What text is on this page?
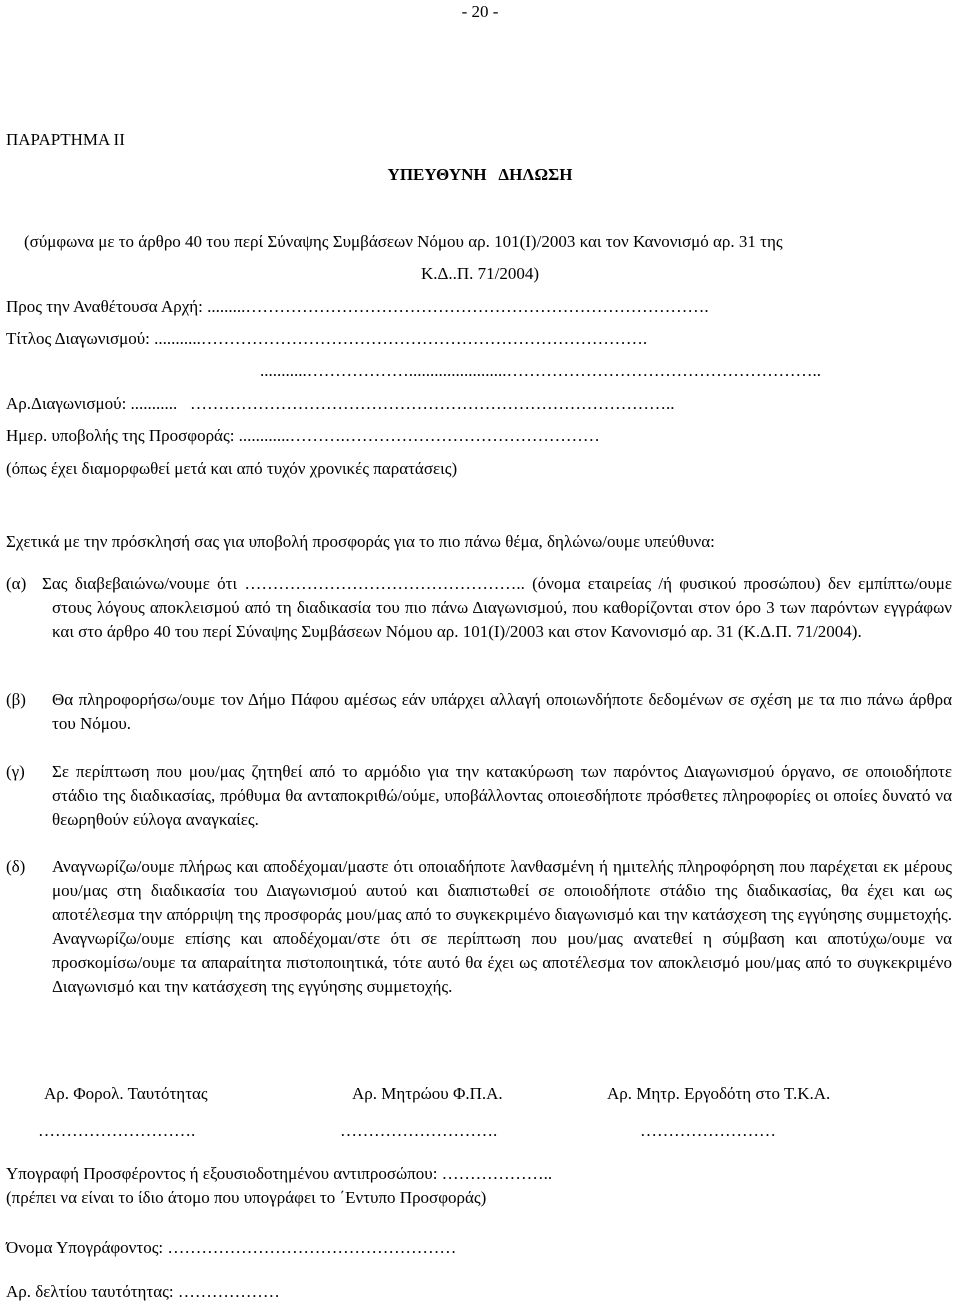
- 20 -
ΠΑΡΑΡΤΗΜΑ ΙΙ
ΥΠΕΥΘΥΝΗ   ΔΗΛΩΣΗ
(σύμφωνα με το άρθρο 40 του περί Σύναψης Συμβάσεων Νόμου αρ. 101(Ι)/2003 και τον Κανονισμό αρ. 31 της
Κ.Δ..Π. 71/2004)
Προς την Αναθέτουσα Αρχή: .........……………………………………………………………………….
Τίτλος Διαγωνισμού: ...........…………………………………………………………………….
...........……………….......................………………………………………………..
Αρ.Διαγωνισμού: ...........   …………………………………………………………………………..
Ημερ. υποβολής της Προσφοράς: ............……….………………………………………
(όπως έχει διαμορφωθεί μετά και από τυχόν χρονικές παρατάσεις)
Σχετικά με την πρόσκλησή σας για υποβολή προσφοράς για το πιο πάνω θέμα, δηλώνω/ουμε υπεύθυνα:
(α) Σας διαβεβαιώνω/νουμε ότι ………………………………………….. (όνομα εταιρείας /ή φυσικού προσώπου) δεν εμπίπτω/ουμε στους λόγους αποκλεισμού από τη διαδικασία του πιο πάνω Διαγωνισμού, που καθορίζονται στον όρο 3 των παρόντων εγγράφων και στο άρθρο 40 του περί Σύναψης Συμβάσεων Νόμου αρ. 101(Ι)/2003 και στον Κανονισμό αρ. 31 (Κ.Δ.Π. 71/2004).
(β) Θα πληροφορήσω/ουμε τον Δήμο Πάφου αμέσως εάν υπάρχει αλλαγή οποιωνδήποτε δεδομένων σε σχέση με τα πιο πάνω άρθρα του Νόμου.
(γ) Σε περίπτωση που μου/μας ζητηθεί από το αρμόδιο για την κατακύρωση των παρόντος Διαγωνισμού όργανο, σε οποιοδήποτε στάδιο της διαδικασίας, πρόθυμα θα ανταποκριθώ/ούμε, υποβάλλοντας οποιεσδήποτε πρόσθετες πληροφορίες οι οποίες δυνατό να θεωρηθούν εύλογα αναγκαίες.
(δ) Αναγνωρίζω/ουμε πλήρως και αποδέχομαι/μαστε ότι οποιαδήποτε λανθασμένη ή ημιτελής πληροφόρηση που παρέχεται εκ μέρους μου/μας στη διαδικασία του Διαγωνισμού αυτού και διαπιστωθεί σε οποιοδήποτε στάδιο της διαδικασίας, θα έχει και ως αποτέλεσμα την απόρριψη της προσφοράς μου/μας από το συγκεκριμένο διαγωνισμό και την κατάσχεση της εγγύησης συμμετοχής. Αναγνωρίζω/ουμε επίσης και αποδέχομαι/στε ότι σε περίπτωση που μου/μας ανατεθεί η σύμβαση και αποτύχω/ουμε να προσκομίσω/ουμε τα απαραίτητα πιστοποιητικά, τότε αυτό θα έχει ως αποτέλεσμα τον αποκλεισμό μου/μας από το συγκεκριμένο Διαγωνισμό και την κατάσχεση της εγγύησης συμμετοχής.
Αρ. Φορολ. Ταυτότητας	Αρ. Μητρώου Φ.Π.Α.	Αρ. Μητρ. Εργοδότη στο Τ.Κ.Α.
……………………….	……………………….	……………………
Υπογραφή Προσφέροντος ή εξουσιοδοτημένου αντιπροσώπου: ………………..
(πρέπει να είναι το ίδιο άτομο που υπογράφει το ΄Εντυπο Προσφοράς)
Όνομα Υπογράφοντος: ……………………………………………
Αρ. δελτίου ταυτότητας: ………………
